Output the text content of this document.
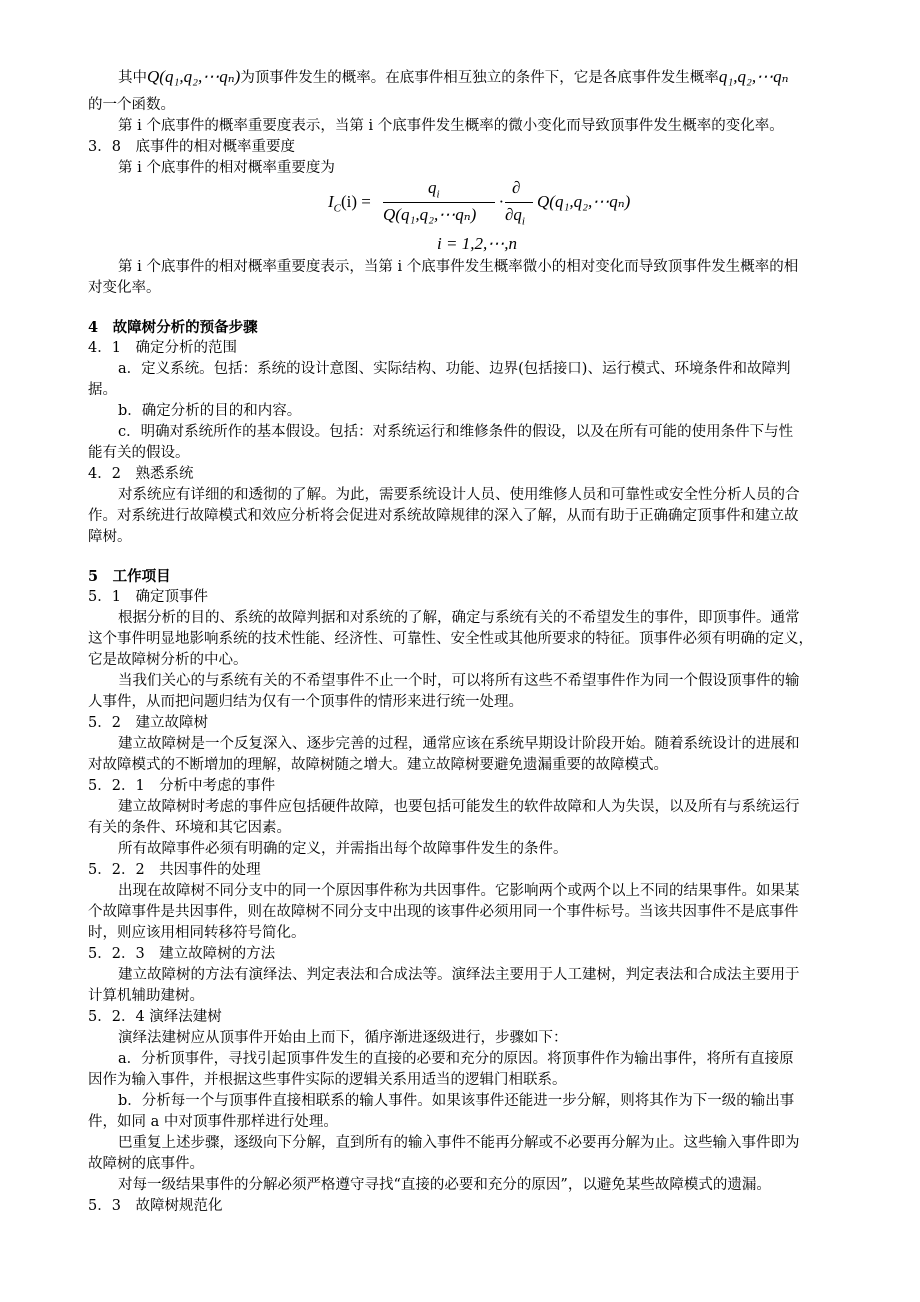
其中Q(q₁,q₂,⋯qₙ)为顶事件发生的概率。在底事件相互独立的条件下，它是各底事件发生概率q₁,q₂,⋯qₙ
的一个函数。
第 i 个底事件的概率重要度表示，当第 i 个底事件发生概率的微小变化而导致顶事件发生概率的变化率。
3．8　底事件的相对概率重要度
第 i 个底事件的相对概率重要度为
$I_C(i)$ =
$q_i$
Q(q₁,q₂,⋯qₙ)
·
∂
$\partial q_i$
Q(q₁,q₂,⋯qₙ)
i = 1,2,⋯,n
第 i 个底事件的相对概率重要度表示，当第 i 个底事件发生概率微小的相对变化而导致顶事件发生概率的相
对变化率。
4　故障树分析的预备步骤
4．1　确定分析的范围
a．定义系统。包括：系统的设计意图、实际结构、功能、边界(包括接口)、运行模式、环境条件和故障判
据。
b．确定分析的目的和内容。
c．明确对系统所作的基本假设。包括：对系统运行和维修条件的假设，以及在所有可能的使用条件下与性
能有关的假设。
4．2　熟悉系统
对系统应有详细的和透彻的了解。为此，需要系统设计人员、使用维修人员和可靠性或安全性分析人员的合
作。对系统进行故障模式和效应分析将会促进对系统故障规律的深入了解，从而有助于正确确定顶事件和建立故
障树。
5　工作项目
5．1　确定顶事件
根据分析的目的、系统的故障判据和对系统的了解，确定与系统有关的不希望发生的事件，即顶事件。通常
这个事件明显地影响系统的技术性能、经济性、可靠性、安全性或其他所要求的特征。顶事件必须有明确的定义，
它是故障树分析的中心。
当我们关心的与系统有关的不希望事件不止一个时，可以将所有这些不希望事件作为同一个假设顶事件的输
人事件，从而把问题归结为仅有一个顶事件的情形来进行统一处理。
5．2　建立故障树
建立故障树是一个反复深入、逐步完善的过程，通常应该在系统早期设计阶段开始。随着系统设计的进展和
对故障模式的不断增加的理解，故障树随之增大。建立故障树要避免遗漏重要的故障模式。
5．2．1　分析中考虑的事件
建立故障树时考虑的事件应包括硬件故障，也要包括可能发生的软件故障和人为失误，以及所有与系统运行
有关的条件、环境和其它因素。
所有故障事件必须有明确的定义，并需指出每个故障事件发生的条件。
5．2．2　共因事件的处理
出现在故障树不同分支中的同一个原因事件称为共因事件。它影响两个或两个以上不同的结果事件。如果某
个故障事件是共因事件，则在故障树不同分支中出现的该事件必须用同一个事件标号。当该共因事件不是底事件
时，则应该用相同转移符号简化。
5．2．3　建立故障树的方法
建立故障树的方法有演绎法、判定表法和合成法等。演绎法主要用于人工建树，判定表法和合成法主要用于
计算机辅助建树。
5．2．4 演绎法建树
演绎法建树应从顶事件开始由上而下，循序渐进逐级进行，步骤如下：
a．分析顶事件，寻找引起顶事件发生的直接的必要和充分的原因。将顶事件作为输出事件，将所有直接原
因作为输入事件，并根据这些事件实际的逻辑关系用适当的逻辑门相联系。
b．分析每一个与顶事件直接相联系的输人事件。如果该事件还能进一步分解，则将其作为下一级的输出事
件，如同 a 中对顶事件那样进行处理。
巴重复上述步骤，逐级向下分解，直到所有的输入事件不能再分解或不必要再分解为止。这些输入事件即为
故障树的底事件。
对每一级结果事件的分解必须严格遵守寻找“直接的必要和充分的原因”，以避免某些故障模式的遗漏。
5．3　故障树规范化
